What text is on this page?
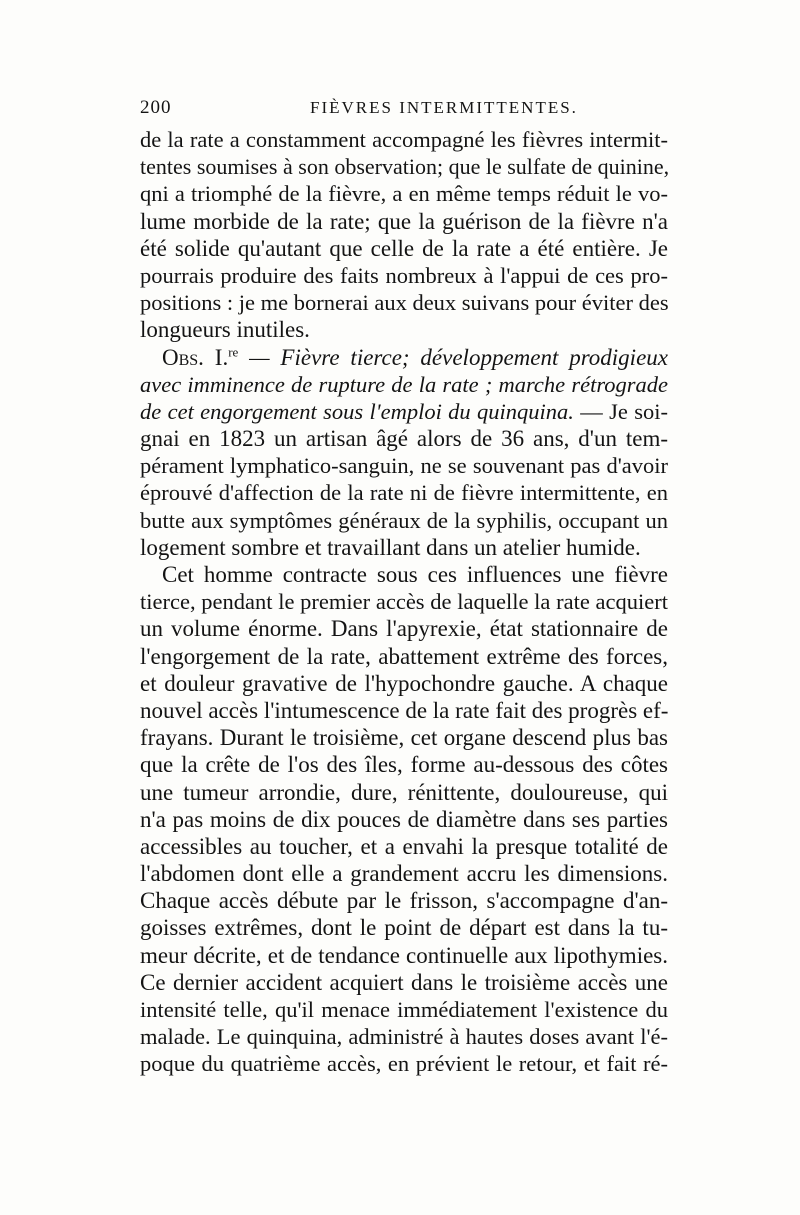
200	FIÈVRES INTERMITTENTES.
de la rate a constamment accompagné les fièvres intermit-
tentes soumises à son observation; que le sulfate de quinine,
qni a triomphé de la fièvre, a en même temps réduit le vo-
lume morbide de la rate; que la guérison de la fièvre n'a
été solide qu'autant que celle de la rate a été entière. Je
pourrais produire des faits nombreux à l'appui de ces pro-
positions : je me bornerai aux deux suivans pour éviter des
longueurs inutiles.
Obs. I.$^{re}$ — Fièvre tierce; développement prodigieux
avec imminence de rupture de la rate ; marche rétrograde
de cet engorgement sous l'emploi du quinquina. — Je soi-
gnai en 1823 un artisan âgé alors de 36 ans, d'un tem-
pérament lymphatico-sanguin, ne se souvenant pas d'avoir
éprouvé d'affection de la rate ni de fièvre intermittente, en
butte aux symptômes généraux de la syphilis, occupant un
logement sombre et travaillant dans un atelier humide.
Cet homme contracte sous ces influences une fièvre
tierce, pendant le premier accès de laquelle la rate acquiert
un volume énorme. Dans l'apyrexie, état stationnaire de
l'engorgement de la rate, abattement extrême des forces,
et douleur gravative de l'hypochondre gauche. A chaque
nouvel accès l'intumescence de la rate fait des progrès ef-
frayans. Durant le troisième, cet organe descend plus bas
que la crête de l'os des îles, forme au-dessous des côtes
une tumeur arrondie, dure, rénittente, douloureuse, qui
n'a pas moins de dix pouces de diamètre dans ses parties
accessibles au toucher, et a envahi la presque totalité de
l'abdomen dont elle a grandement accru les dimensions.
Chaque accès débute par le frisson, s'accompagne d'an-
goisses extrêmes, dont le point de départ est dans la tu-
meur décrite, et de tendance continuelle aux lipothymies.
Ce dernier accident acquiert dans le troisième accès une
intensité telle, qu'il menace immédiatement l'existence du
malade. Le quinquina, administré à hautes doses avant l'é-
poque du quatrième accès, en prévient le retour, et fait ré-
